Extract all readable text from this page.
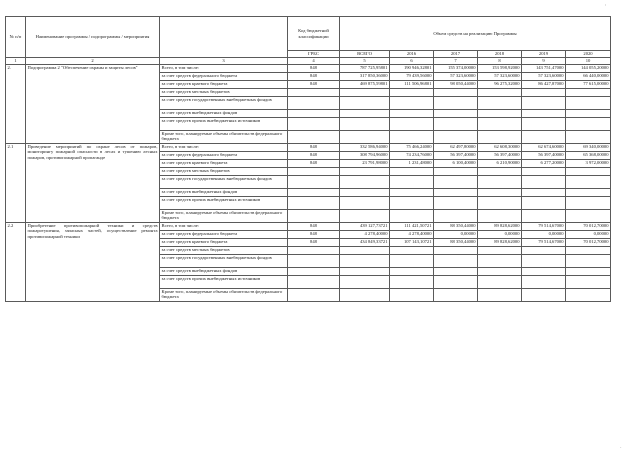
'
·
№ п/п	Наименование программы / подпрограммы / мероприятия		Код бюджетной классификации	Объем средств на реализацию Программы					
			ГРБС	ВСЕГО	2016	2017	2018	2019	2020
1	2	3	4	5	6	7	8	9	10
2.	Подпрограмма 2 "Обеспечение охраны и защиты лесов"	Всего, в том числе:	848	787 725,95801	190 946,32801	155 374,00000	153 598,92000	143 751,47000	144 055,20000
		за счет средств федерального бюджета	848	317 850,36000	79 439,56000	57 323,60000	57 323,60000	57 323,60000	66 440,00000
		за счет средств краевого бюджета	848	469 875,59801	111 506,96801	98 050,44000	96 275,32000	86 427,87000	77 615,00000
		за счет средств местных бюджетов							
		за счет средств государственных внебюджетных фондов							
		за счет средств внебюджетных фондов							
		за счет средств прочих внебюджетных источников							
		Кроме того, планируемые объемы обязательств федерального бюджета							
2.1	Проведение мероприятий по охране лесов от пожаров, мониторингу пожарной опасности в лесах и тушению лесных пожаров, противопожарной пропаганде	Всего, в том числе:	848	332 586,94000	75 466,24000	62 497,80000	62 608,30000	62 674,60000	69 340,00000
		за счет средств федерального бюджета	848	308 794,96000	74 234,76000	56 397,40000	56 397,40000	56 397,40000	65 368,00000
		за счет средств краевого бюджета	848	23 791,98000	1 231,48000	6 100,40000	6 210,90000	6 277,20000	3 972,00000
		за счет средств местных бюджетов							
		за счет средств государственных внебюджетных фондов							
		за счет средств внебюджетных фондов							
		за счет средств прочих внебюджетных источников							
		Кроме того, планируемые объемы обязательств федерального бюджета							
2.2	Приобретение противопожарной техники и средств пожаротушения, запасных частей, осуществление ремонта противопожарной техники	Всего, в том числе:	848	439 127,73721	111 421,50721	88 350,44000	89 828,62000	79 514,67000	70 012,70000
		за счет средств федерального бюджета	848	4 278,40000	4 278,40000	0,00000	0,00000	0,00000	0,00000
		за счет средств краевого бюджета	848	434 849,33721	107 143,10721	88 350,44000	89 828,62000	79 514,67000	70 012,70000
		за счет средств местных бюджетов							
		за счет средств государственных внебюджетных фондов							
		за счет средств внебюджетных фондов							
		за счет средств прочих внебюджетных источников							
		Кроме того, планируемые объемы обязательств федерального бюджета							
